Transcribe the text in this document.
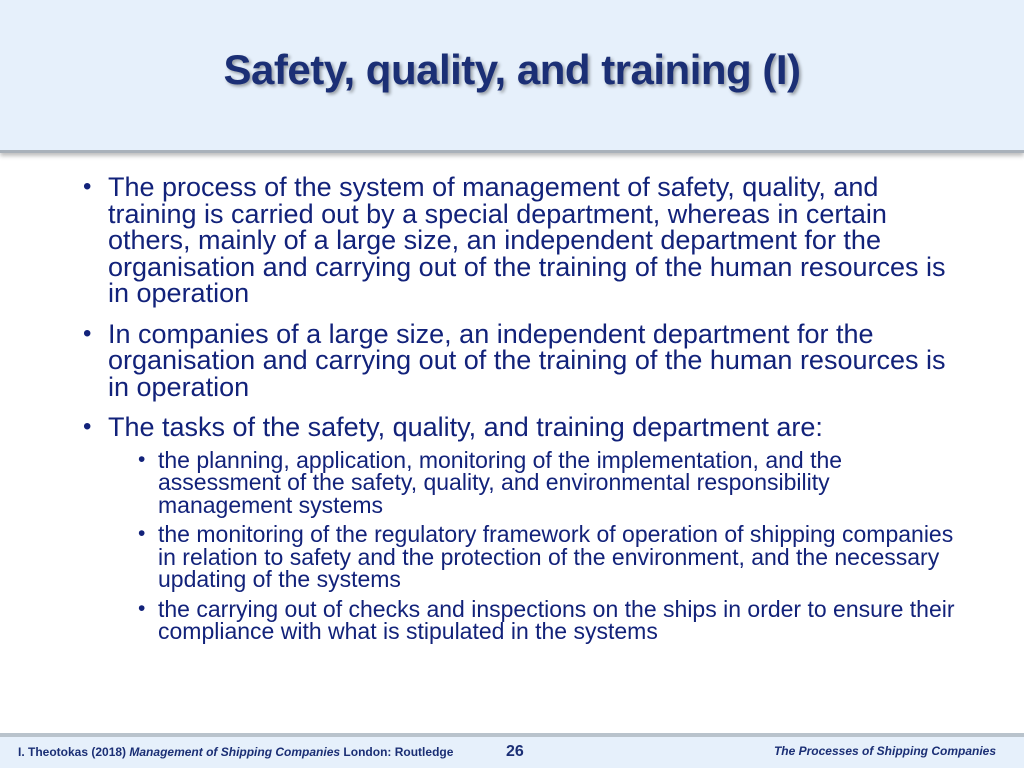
Safety, quality, and training (I)
• The process of the system of management of safety, quality, and training is carried out by a special department, whereas in certain others, mainly of a large size, an independent department for the organisation and carrying out of the training of the human resources is in operation
• In companies of a large size, an independent department for the organisation and carrying out of the training of the human resources is in operation
• The tasks of the safety, quality, and training department are:
• the planning, application, monitoring of the implementation, and the assessment of the safety, quality, and environmental responsibility management systems
• the monitoring of the regulatory framework of operation of shipping companies in relation to safety and the protection of the environment, and the necessary updating of the systems
• the carrying out of checks and inspections on the ships in order to ensure their compliance with what is stipulated in the systems
I. Theotokas (2018) Management of Shipping Companies London: Routledge	26	The Processes of Shipping Companies
